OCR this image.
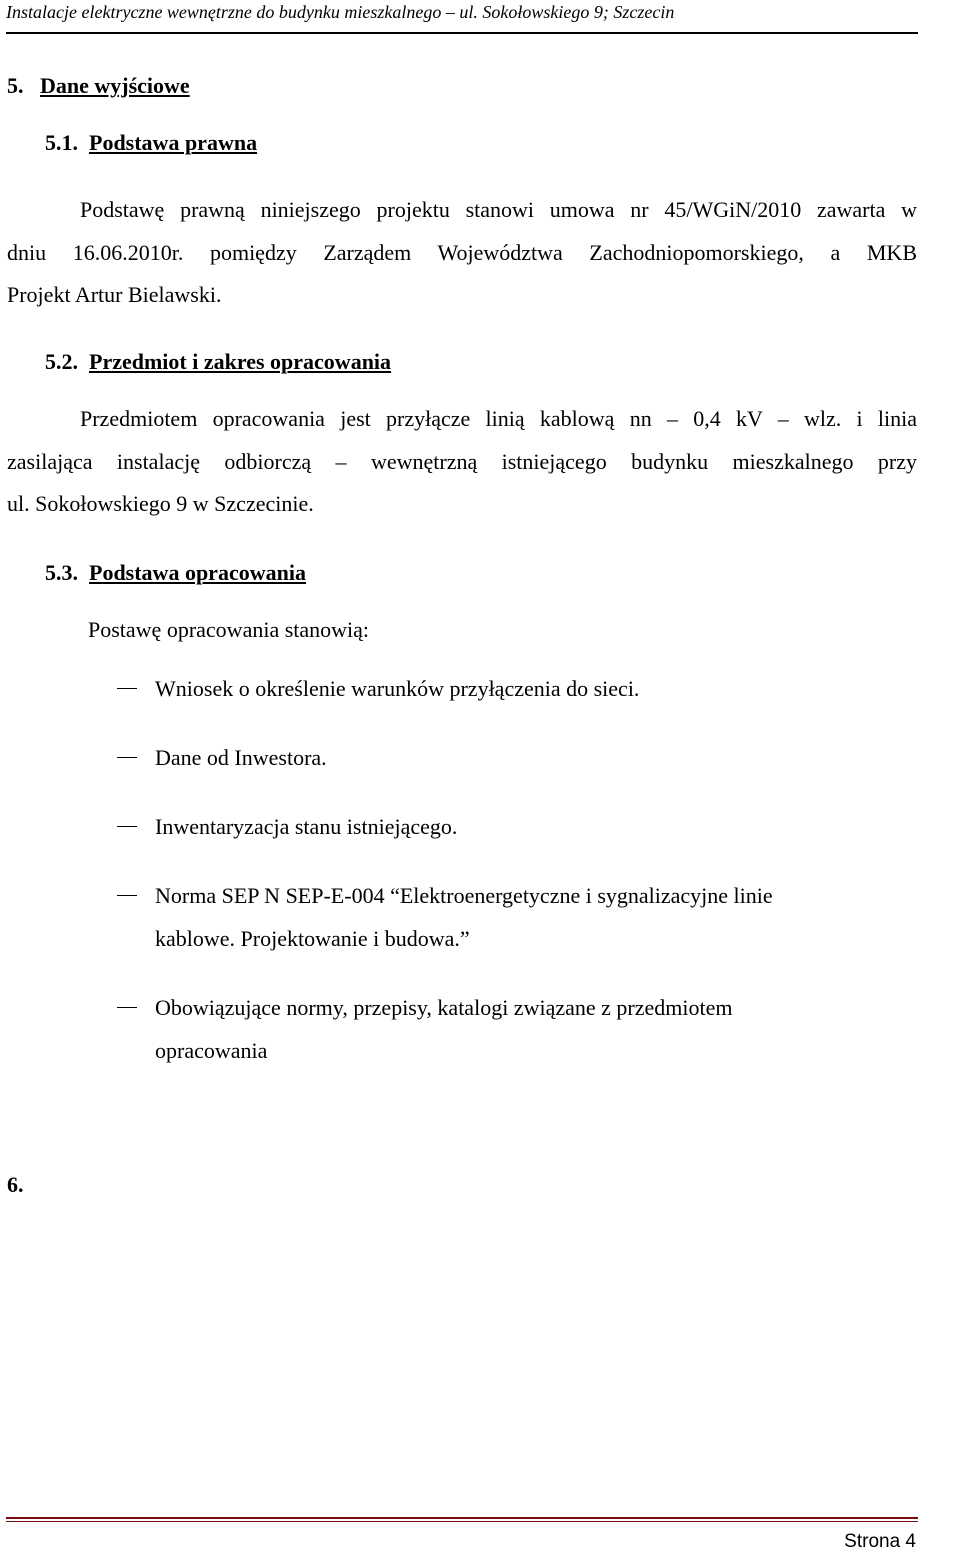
Instalacje elektryczne wewnętrzne do budynku mieszkalnego – ul. Sokołowskiego 9; Szczecin
5. Dane wyjściowe
5.1. Podstawa prawna
Podstawę prawną niniejszego projektu stanowi umowa nr 45/WGiN/2010 zawarta w
dniu 16.06.2010r. pomiędzy Zarządem Województwa Zachodniopomorskiego, a MKB
Projekt Artur Bielawski.
5.2. Przedmiot i zakres opracowania
Przedmiotem opracowania jest przyłącze linią kablową nn – 0,4 kV – wlz. i linia
zasilająca instalację odbiorczą – wewnętrzną istniejącego budynku mieszkalnego przy
ul. Sokołowskiego 9 w Szczecinie.
5.3. Podstawa opracowania
Postawę opracowania stanowią:
Wniosek o określenie warunków przyłączenia do sieci.
Dane od Inwestora.
Inwentaryzacja stanu istniejącego.
Norma SEP N SEP-E-004 “Elektroenergetyczne i sygnalizacyjne linie kablowe. Projektowanie i budowa.”
Obowiązujące normy, przepisy, katalogi związane z przedmiotem opracowania
6.
Strona 4
